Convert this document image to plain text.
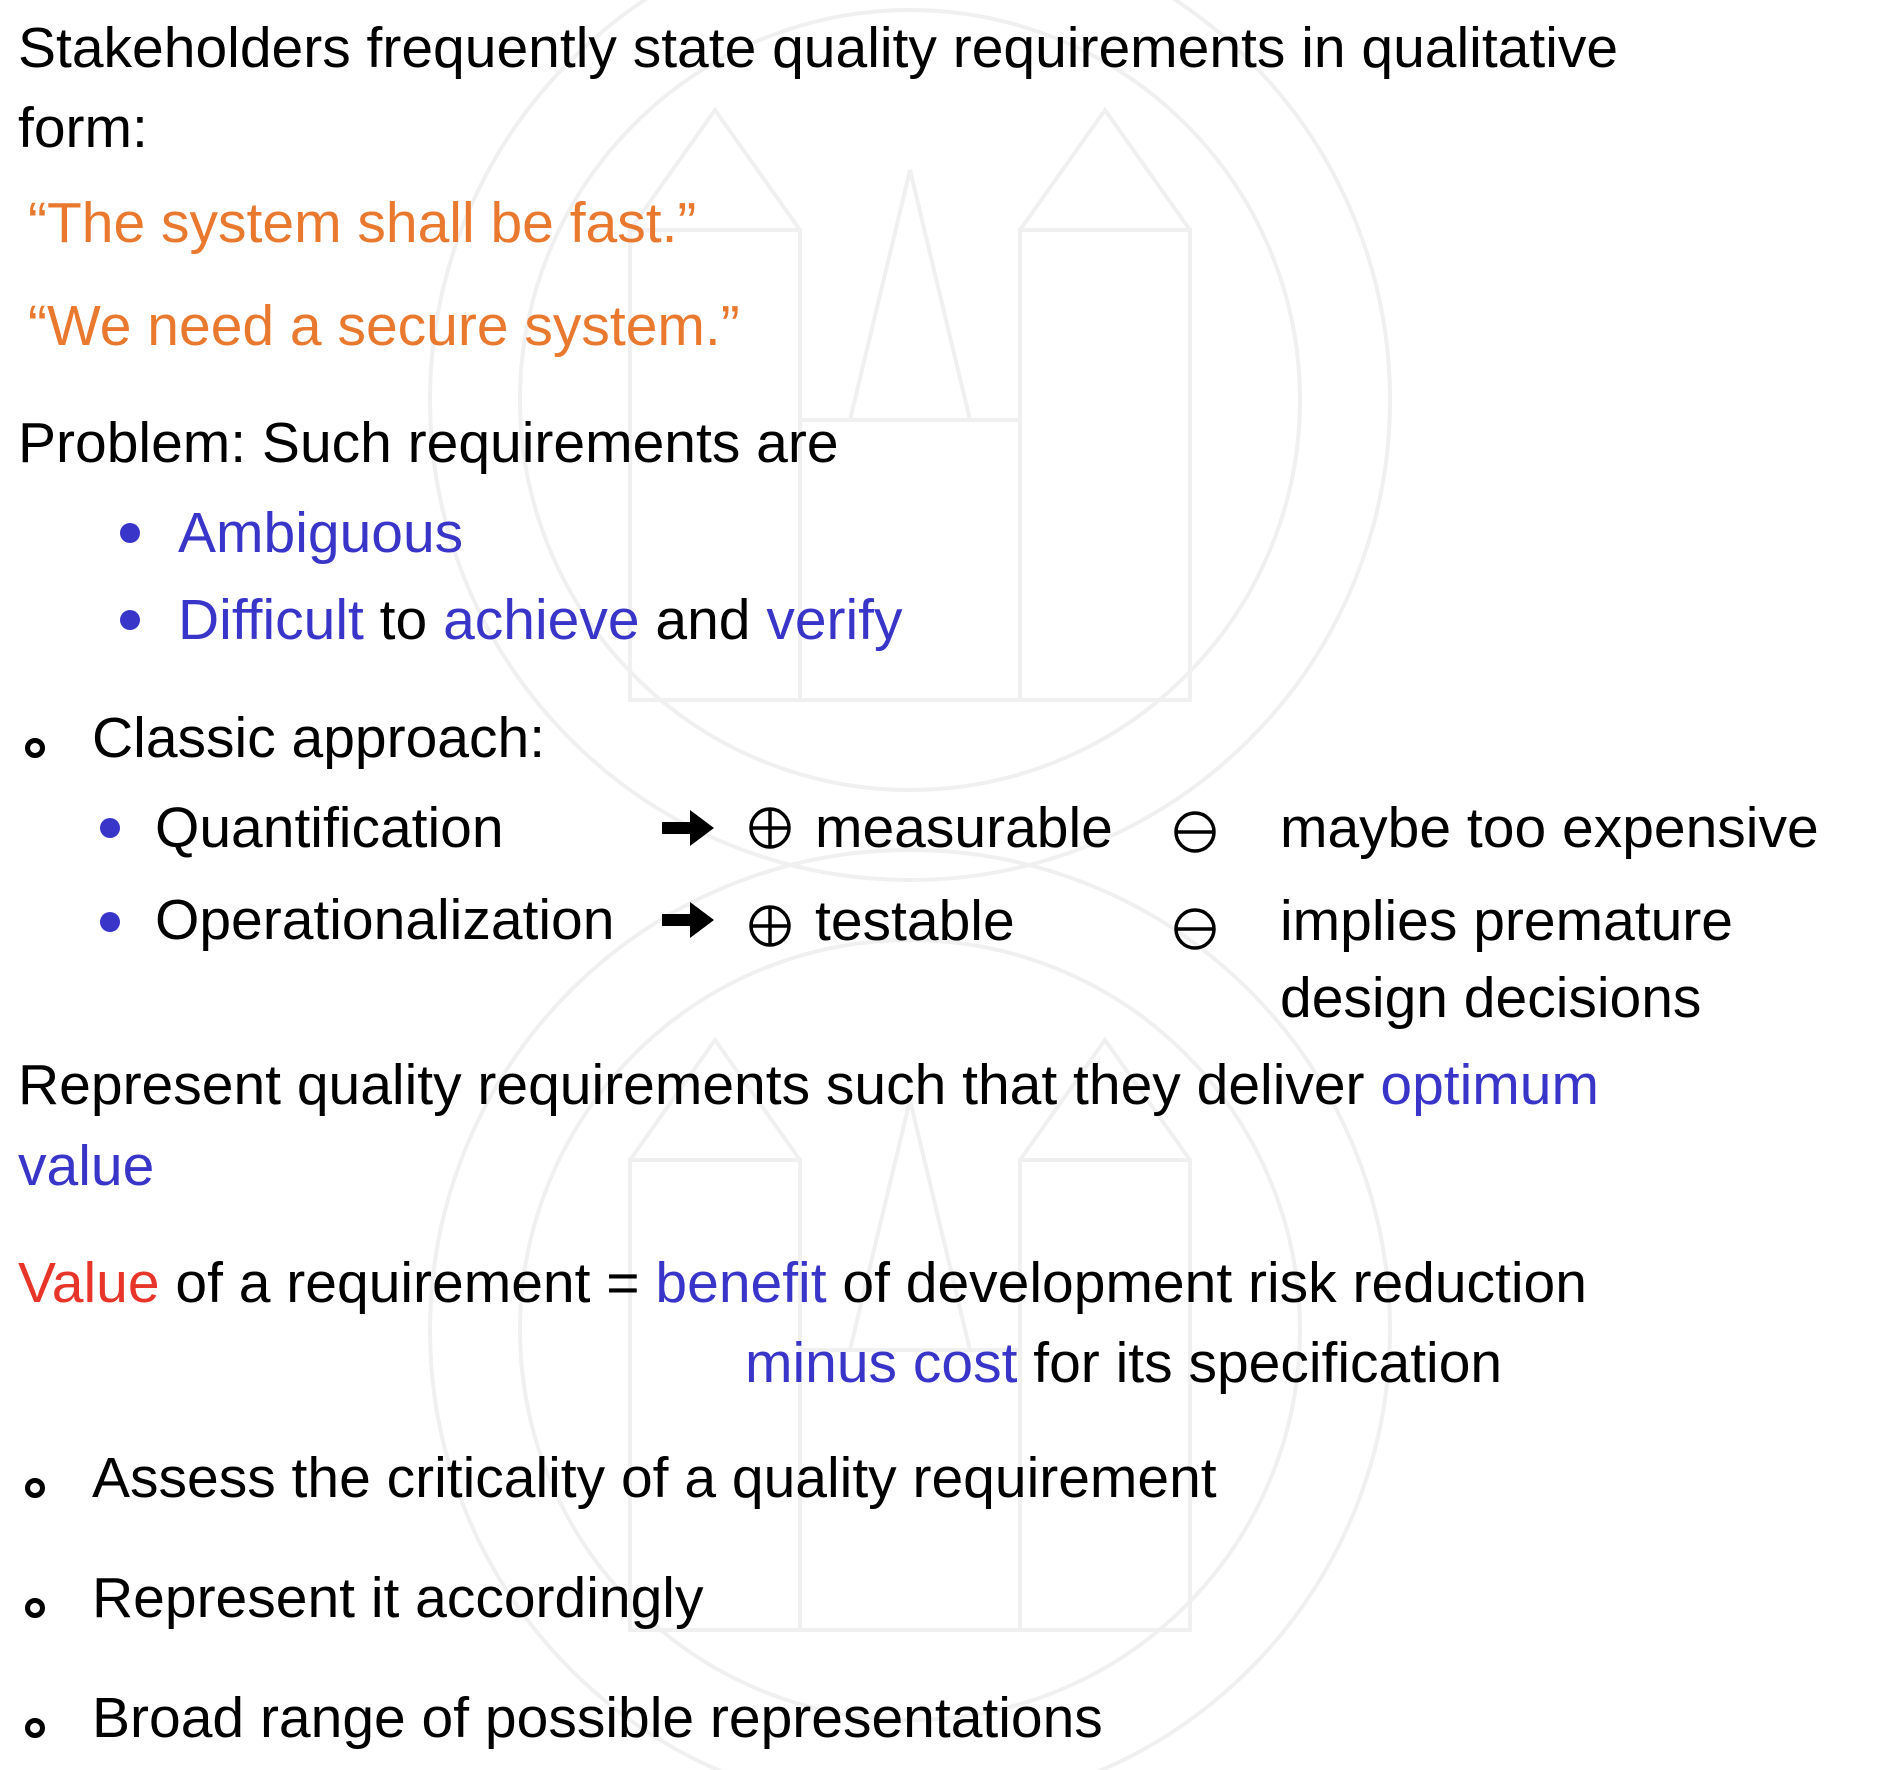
Stakeholders frequently state quality requirements in qualitative
form:
“The system shall be fast.”
“We need a secure system.”
Problem: Such requirements are
Ambiguous
Difficult to achieve and verify
Classic approach:
Quantification	measurable	maybe too expensive
Operationalization	testable	implies premature
design decisions
Represent quality requirements such that they deliver optimum
value
Value of a requirement = benefit of development risk reduction
minus cost for its specification
Assess the criticality of a quality requirement
Represent it accordingly
Broad range of possible representations
